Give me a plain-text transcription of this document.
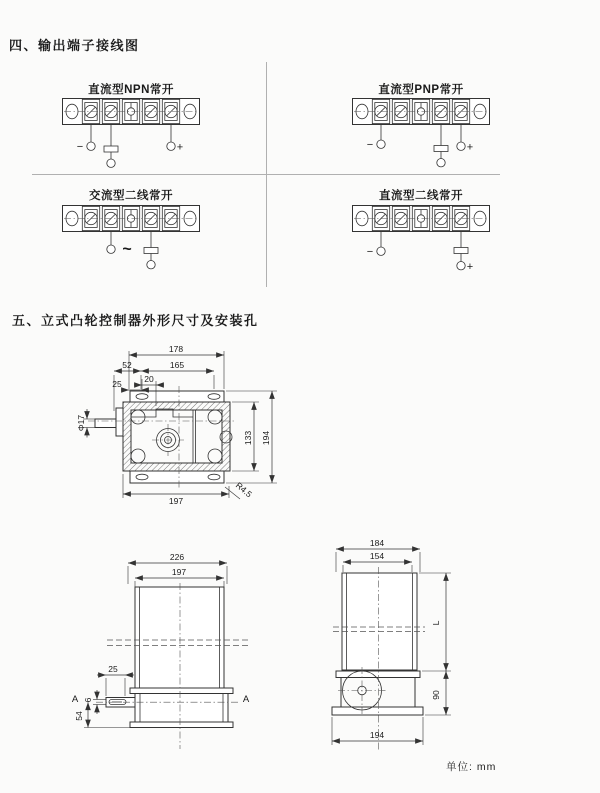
四、输出端子接线图
五、立式凸轮控制器外形尺寸及安装孔
单位: mm
直流型NPN常开
−	+
直流型PNP常开
−	+
交流型二线常开
~
直流型二线常开
−
+
178
165
52
20
25
Φ17
133 194
197
R4.5
226
197
25
6
54
A	A
184
154
L
90
194
